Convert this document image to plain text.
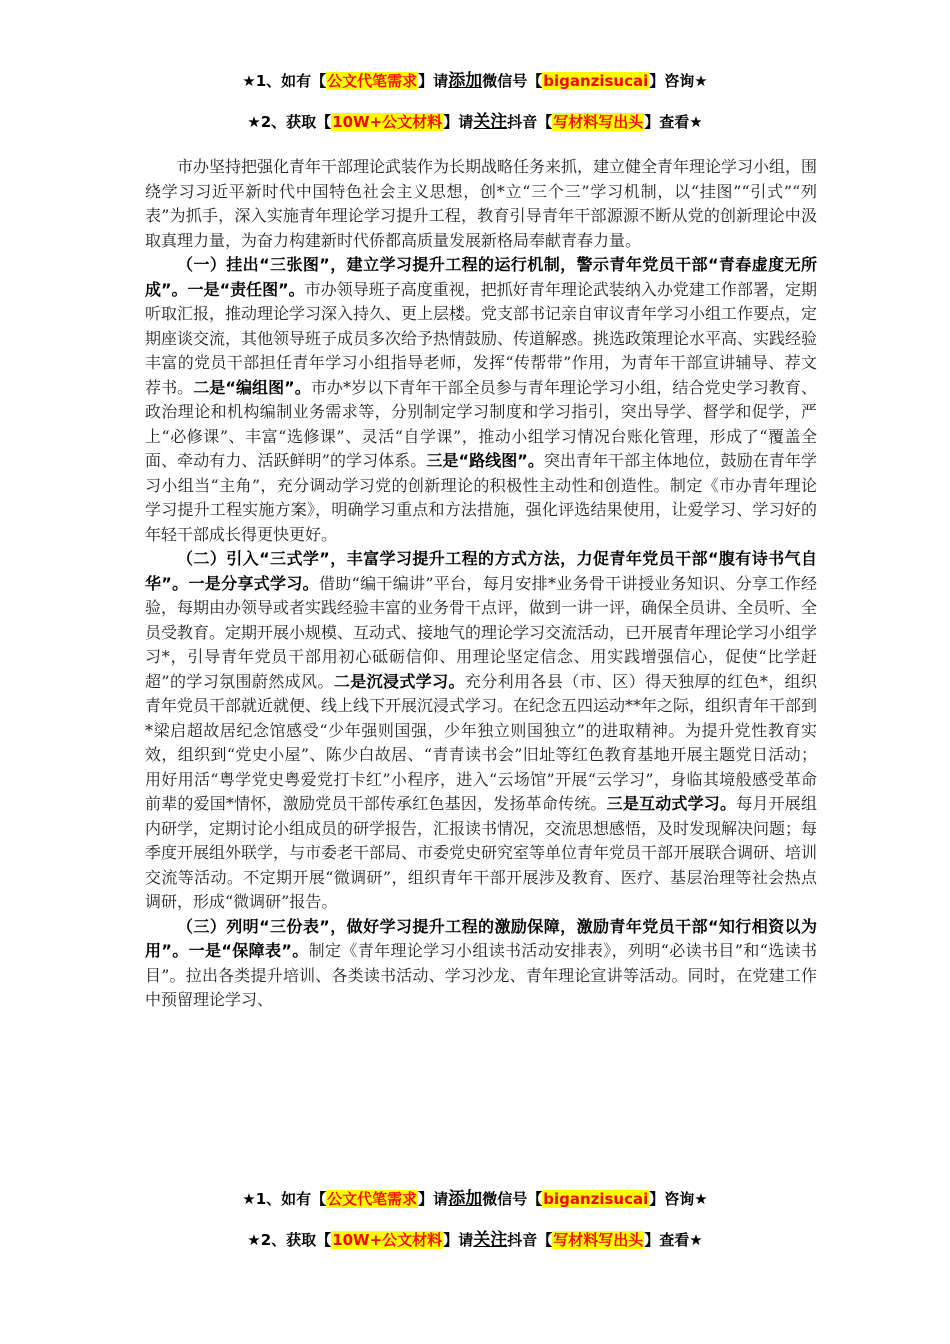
★1、如有【公文代笔需求】请添加微信号【biganzisucai】咨询★
★2、获取【10W+公文材料】请关注抖音【写材料写出头】查看★

市办坚持把强化青年干部理论武装作为长期战略任务来抓，建立健全青年理论学习小组，围绕学习习近平新时代中国特色社会主义思想，创*立“三个三”学习机制，以“挂图”“引式”“列表”为抓手，深入实施青年理论学习提升工程，教育引导青年干部源源不断从党的创新理论中汲取真理力量，为奋力构建新时代侨都高质量发展新格局奉献青春力量。

（一）挂出“三张图”，建立学习提升工程的运行机制，警示青年党员干部“青春虚度无所成”。一是“责任图”。市办领导班子高度重视，把抓好青年理论武装纳入办党建工作部署，定期听取汇报，推动理论学习深入持久、更上层楼。党支部书记亲自审议青年学习小组工作要点，定期座谈交流，其他领导班子成员多次给予热情鼓励、传道解惑。挑选政策理论水平高、实践经验丰富的党员干部担任青年学习小组指导老师，发挥“传帮带”作用，为青年干部宣讲辅导、荐文荐书。二是“编组图”。市办*岁以下青年干部全员参与青年理论学习小组，结合党史学习教育、政治理论和机构编制业务需求等，分别制定学习制度和学习指引，突出导学、督学和促学，严上“必修课”、丰富“选修课”、灵活“自学课”，推动小组学习情况台账化管理，形成了“覆盖全面、牵动有力、活跃鲜明”的学习体系。三是“路线图”。突出青年干部主体地位，鼓励在青年学习小组当“主角”，充分调动学习党的创新理论的积极性主动性和创造性。制定《市办青年理论学习提升工程实施方案》，明确学习重点和方法措施，强化评选结果使用，让爱学习、学习好的年轻干部成长得更快更好。

（二）引入“三式学”，丰富学习提升工程的方式方法，力促青年党员干部“腹有诗书气自华”。一是分享式学习。借助“编干编讲”平台，每月安排*业务骨干讲授业务知识、分享工作经验，每期由办领导或者实践经验丰富的业务骨干点评，做到一讲一评，确保全员讲、全员听、全员受教育。定期开展小规模、互动式、接地气的理论学习交流活动，已开展青年理论学习小组学习*，引导青年党员干部用初心砥砺信仰、用理论坚定信念、用实践增强信心，促使“比学赶超”的学习氛围蔚然成风。二是沉浸式学习。充分利用各县（市、区）得天独厚的红色*，组织青年党员干部就近就便、线上线下开展沉浸式学习。在纪念五四运动**年之际，组织青年干部到*梁启超故居纪念馆感受“少年强则国强，少年独立则国独立”的进取精神。为提升党性教育实效，组织到“党史小屋”、陈少白故居、“青青读书会”旧址等红色教育基地开展主题党日活动；用好用活“粤学党史粤爱党打卡红”小程序，进入“云场馆”开展“云学习”，身临其境般感受革命前辈的爱国*情怀，激励党员干部传承红色基因，发扬革命传统。三是互动式学习。每月开展组内研学，定期讨论小组成员的研学报告，汇报读书情况，交流思想感悟，及时发现解决问题；每季度开展组外联学，与市委老干部局、市委党史研究室等单位青年党员干部开展联合调研、培训交流等活动。不定期开展“微调研”，组织青年干部开展涉及教育、医疗、基层治理等社会热点调研，形成“微调研”报告。

（三）列明“三份表”，做好学习提升工程的激励保障，激励青年党员干部“知行相资以为用”。一是“保障表”。制定《青年理论学习小组读书活动安排表》，列明“必读书目”和“选读书目”。拉出各类提升培训、各类读书活动、学习沙龙、青年理论宣讲等活动。同时，在党建工作中预留理论学习、

★1、如有【公文代笔需求】请添加微信号【biganzisucai】咨询★
★2、获取【10W+公文材料】请关注抖音【写材料写出头】查看★
